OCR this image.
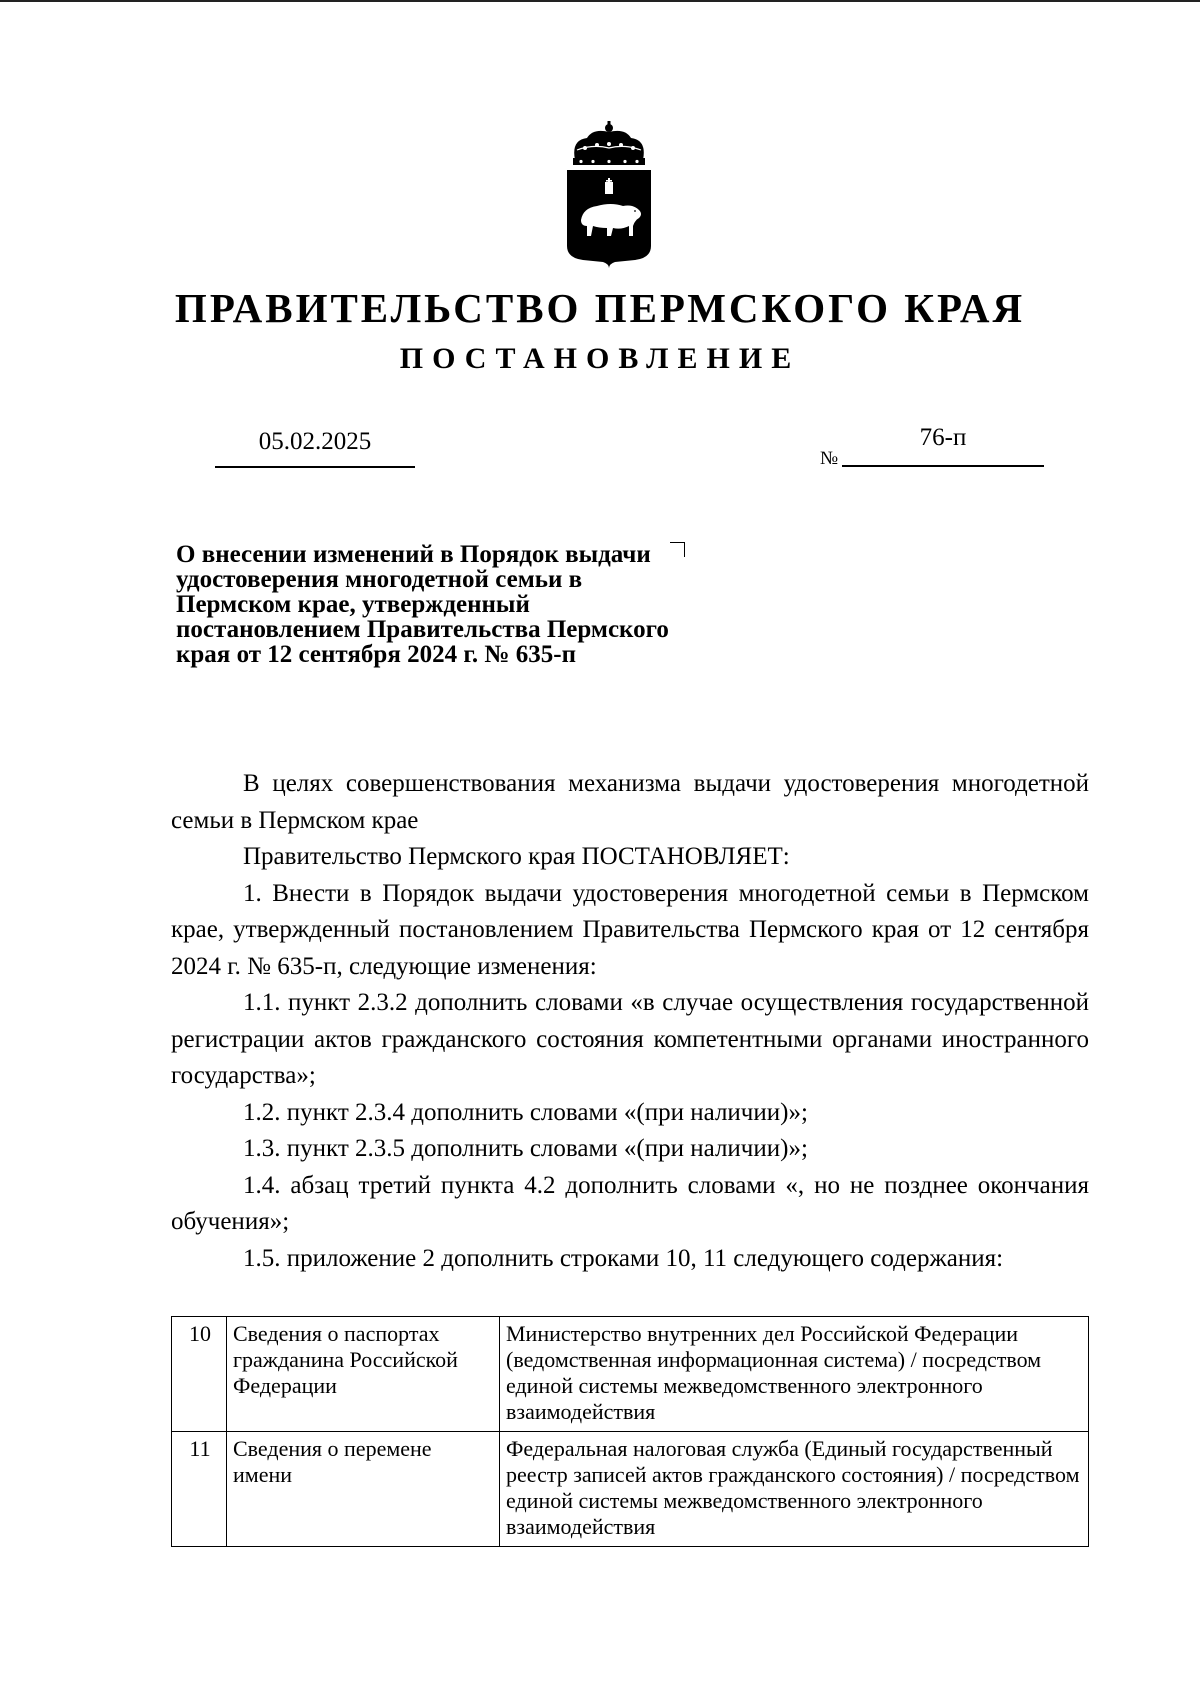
ПРАВИТЕЛЬСТВО ПЕРМСКОГО КРАЯ
ПОСТАНОВЛЕНИЕ
05.02.2025
№
76-п

О внесении изменений в Порядок выдачи удостоверения многодетной семьи в Пермском крае, утвержденный постановлением Правительства Пермского края от 12 сентября 2024 г. № 635-п

В целях совершенствования механизма выдачи удостоверения многодетной семьи в Пермском крае

Правительство Пермского края ПОСТАНОВЛЯЕТ:

1. Внести в Порядок выдачи удостоверения многодетной семьи в Пермском крае, утвержденный постановлением Правительства Пермского края от 12 сентября 2024 г. № 635-п, следующие изменения:

1.1. пункт 2.3.2 дополнить словами «в случае осуществления государственной регистрации актов гражданского состояния компетентными органами иностранного государства»;

1.2. пункт 2.3.4 дополнить словами «(при наличии)»;

1.3. пункт 2.3.5 дополнить словами «(при наличии)»;

1.4. абзац третий пункта 4.2 дополнить словами «, но не позднее окончания обучения»;

1.5. приложение 2 дополнить строками 10, 11 следующего содержания:

10	Сведения о паспортах гражданина Российской Федерации	Министерство внутренних дел Российской Федерации (ведомственная информационная система) / посредством единой системы межведомственного электронного взаимодействия
11	Сведения о перемене имени	Федеральная налоговая служба (Единый государственный реестр записей актов гражданского состояния) / посредством единой системы межведомственного электронного взаимодействия
